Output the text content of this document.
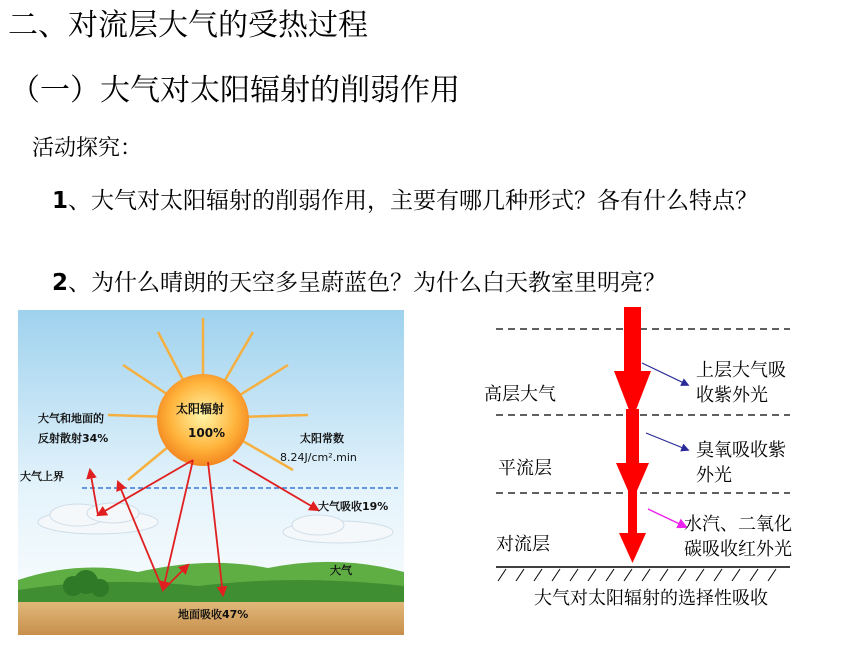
二、对流层大气的受热过程
（一）大气对太阳辐射的削弱作用
活动探究：
1、大气对太阳辐射的削弱作用，主要有哪几种形式？各有什么特点？
2、为什么晴朗的天空多呈蔚蓝色？为什么白天教室里明亮？
太阳辐射
100%
大气和地面的
反射散射34%	太阳常数
8.24J/cm².min
大气上界
大气吸收19%
大气
地面吸收47%
高层大气
平流层
对流层
上层大气吸
收紫外光
臭氧吸收紫
外光
水汽、二氧化
碳吸收红外光
大气对太阳辐射的选择性吸收
